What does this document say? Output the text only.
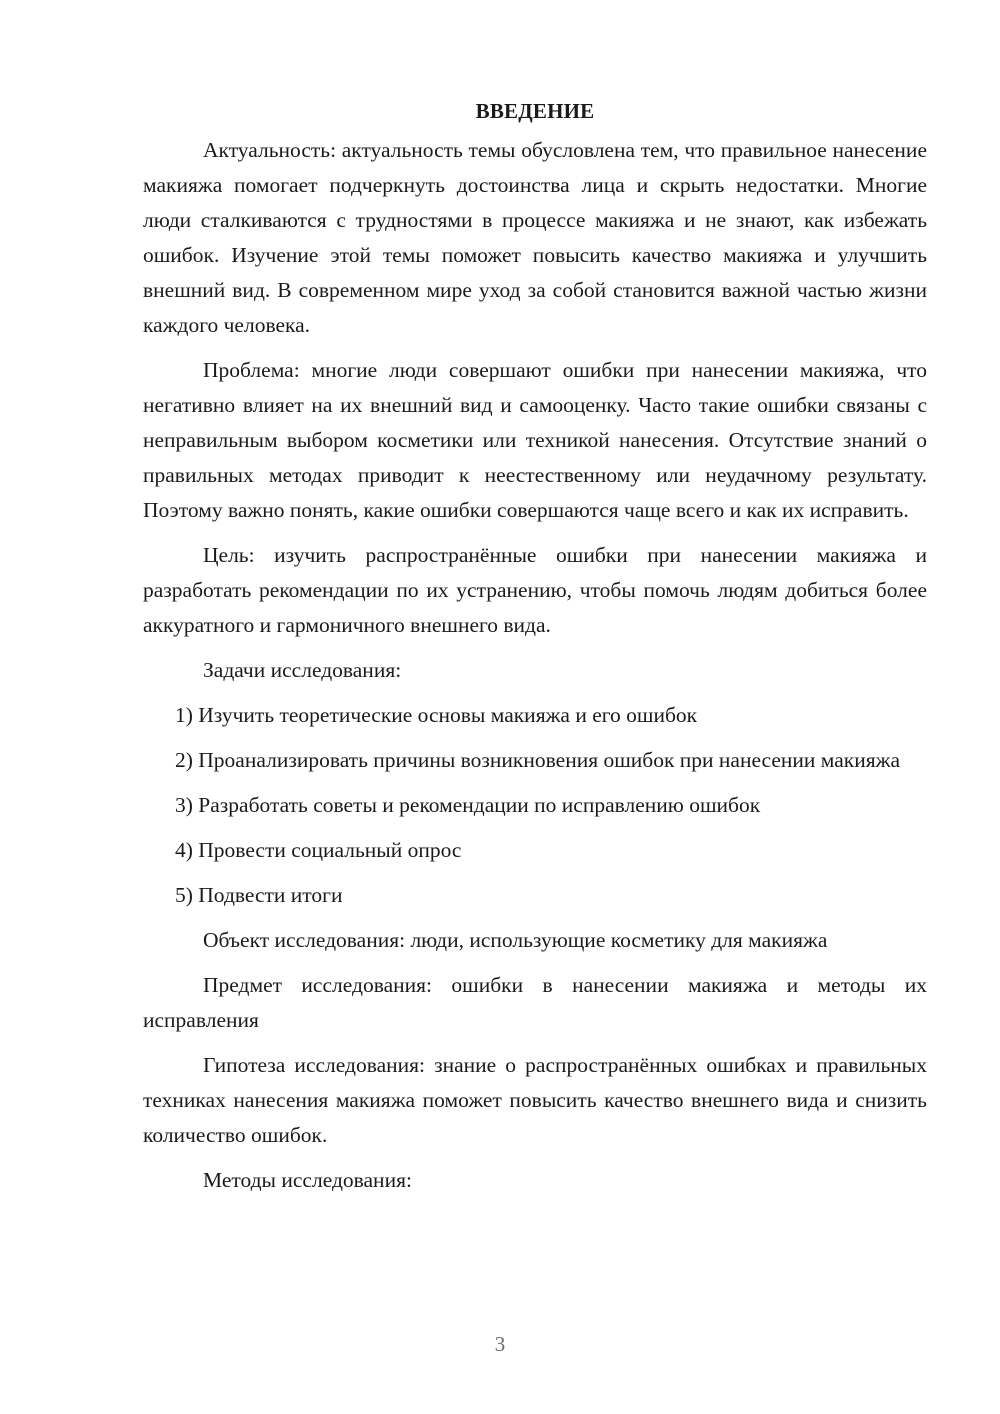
ВВЕДЕНИЕ

Актуальность: актуальность темы обусловлена тем, что правильное нанесение макияжа помогает подчеркнуть достоинства лица и скрыть недостатки. Многие люди сталкиваются с трудностями в процессе макияжа и не знают, как избежать ошибок. Изучение этой темы поможет повысить качество макияжа и улучшить внешний вид. В современном мире уход за собой становится важной частью жизни каждого человека.

Проблема: многие люди совершают ошибки при нанесении макияжа, что негативно влияет на их внешний вид и самооценку. Часто такие ошибки связаны с неправильным выбором косметики или техникой нанесения. Отсутствие знаний о правильных методах приводит к неестественному или неудачному результату. Поэтому важно понять, какие ошибки совершаются чаще всего и как их исправить.

Цель: изучить распространённые ошибки при нанесении макияжа и разработать рекомендации по их устранению, чтобы помочь людям добиться более аккуратного и гармоничного внешнего вида.

Задачи исследования:

1) Изучить теоретические основы макияжа и его ошибок

2) Проанализировать причины возникновения ошибок при нанесении макияжа

3) Разработать советы и рекомендации по исправлению ошибок

4) Провести социальный опрос

5) Подвести итоги

Объект исследования: люди, использующие косметику для макияжа

Предмет исследования: ошибки в нанесении макияжа и методы их исправления

Гипотеза исследования: знание о распространённых ошибках и правильных техниках нанесения макияжа поможет повысить качество внешнего вида и снизить количество ошибок.

Методы исследования:

3
